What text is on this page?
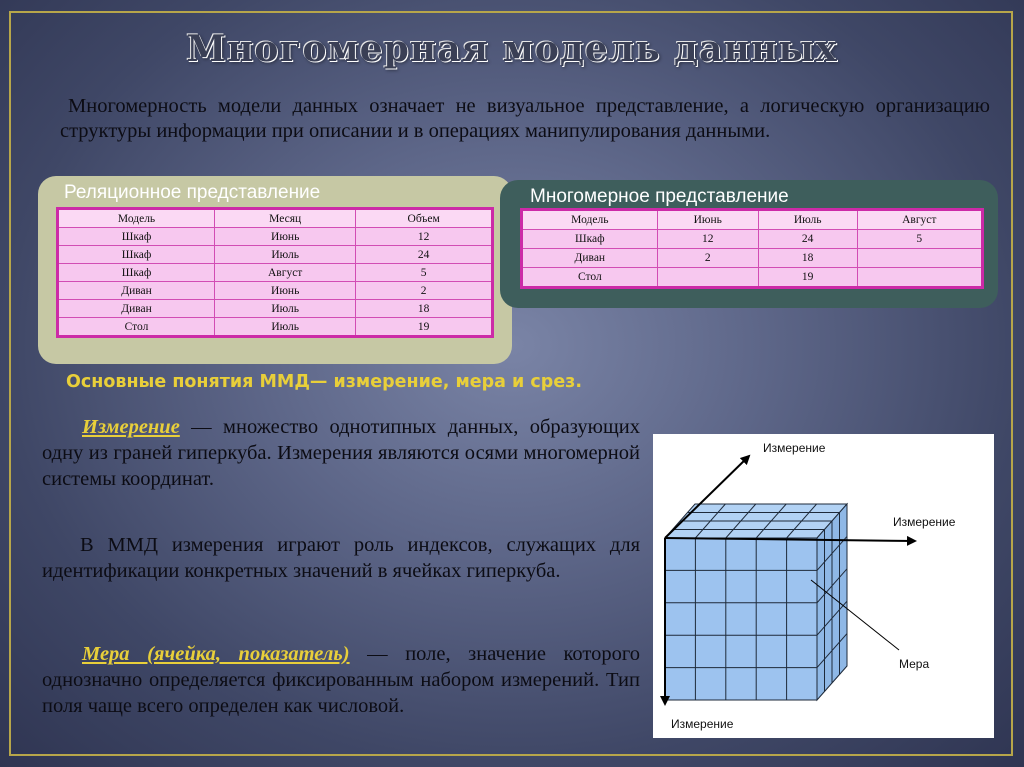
Многомерная модель данных
Многомерность модели данных означает не визуальное представление, а логическую организацию структуры информации при описании и в операциях манипулирования данными.
Реляционное представление
Модель	Месяц	Объем
Шкаф	Июнь	12
Шкаф	Июль	24
Шкаф	Август	5
Диван	Июнь	2
Диван	Июль	18
Стол	Июль	19
Многомерное представление
Модель	Июнь	Июль	Август
Шкаф	12	24	5
Диван	2	18	
Стол		19	
Основные понятия ММД— измерение, мера и срез.
Измерение — множество однотипных данных, образующих одну из граней гиперкуба. Измерения являются осями многомерной системы координат.
В ММД измерения играют роль индексов, служащих для идентификации конкретных значений в ячейках гиперкуба.
Мера (ячейка, показатель) — поле, значение которого однозначно определяется фиксированным набором измерений. Тип поля чаще всего определен как числовой.
Измерение
Измерение
Мера
Измерение
